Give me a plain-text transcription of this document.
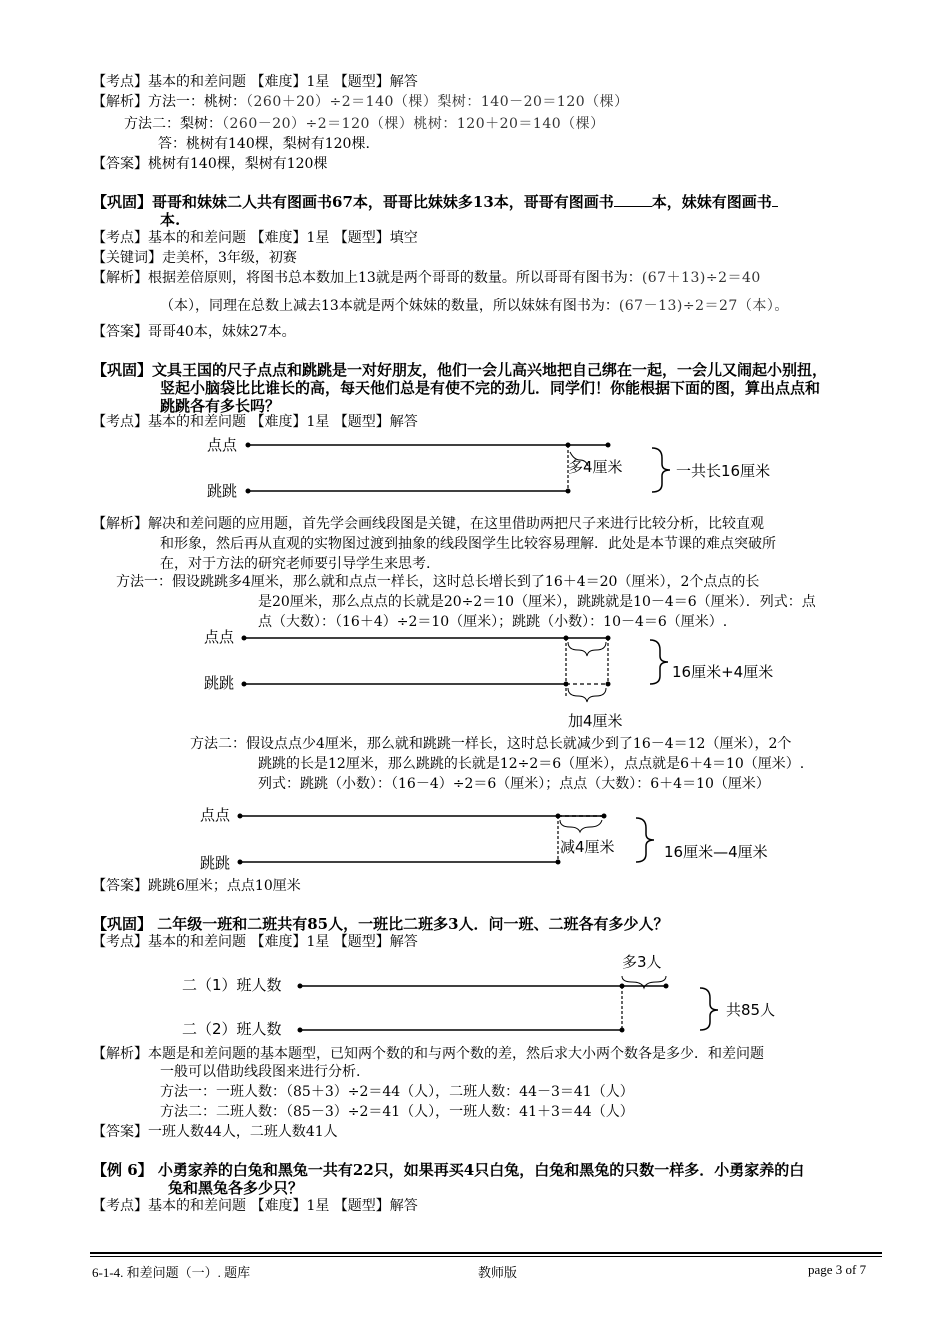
【考点】基本的和差问题 【难度】1星 【题型】解答
【解析】方法一：桃树：（260＋20）÷2＝140（棵）梨树：140－20＝120（棵）
方法二：梨树：（260－20）÷2＝120（棵）桃树：120＋20＝140（棵）
答：桃树有140棵，梨树有120棵.
【答案】桃树有140棵，梨树有120棵
【巩固】哥哥和妹妹二人共有图画书67本，哥哥比妹妹多13本，哥哥有图画书	本，妹妹有图画书
本.
【考点】基本的和差问题 【难度】1星 【题型】填空
【关键词】走美杯，3年级，初赛
【解析】根据差倍原则，将图书总本数加上13就是两个哥哥的数量。所以哥哥有图书为：(67＋13)÷2＝40
（本），同理在总数上减去13本就是两个妹妹的数量，所以妹妹有图书为：(67－13)÷2＝27（本）。
【答案】哥哥40本，妹妹27本。
【巩固】文具王国的尺子点点和跳跳是一对好朋友，他们一会儿高兴地把自己绑在一起，一会儿又闹起小别扭，
竖起小脑袋比比谁长的高，每天他们总是有使不完的劲儿．同学们！你能根据下面的图，算出点点和
跳跳各有多长吗？
【考点】基本的和差问题 【难度】1星 【题型】解答
点点
跳跳
多4厘米	一共长16厘米
【解析】解决和差问题的应用题，首先学会画线段图是关键，在这里借助两把尺子来进行比较分析，比较直观
和形象，然后再从直观的实物图过渡到抽象的线段图学生比较容易理解．此处是本节课的难点突破所
在，对于方法的研究老师要引导学生来思考.
方法一：假设跳跳多4厘米，那么就和点点一样长，这时总长增长到了16＋4＝20（厘米），2个点点的长
是20厘米，那么点点的长就是20÷2＝10（厘米），跳跳就是10－4＝6（厘米）．列式：点
点（大数）：（16＋4）÷2＝10（厘米）；跳跳（小数）：10－4＝6（厘米）.
点点
跳跳
加4厘米
16厘米+4厘米
方法二：假设点点少4厘米，那么就和跳跳一样长，这时总长就减少到了16－4＝12（厘米），2个
跳跳的长是12厘米，那么跳跳的长就是12÷2＝6（厘米），点点就是6＋4＝10（厘米）.
列式：跳跳（小数）：（16－4）÷2＝6（厘米）；点点（大数）：6＋4＝10（厘米）
点点
跳跳
减4厘米	16厘米—4厘米
【答案】跳跳6厘米；点点10厘米
【巩固】 二年级一班和二班共有85人，一班比二班多3人．问一班、二班各有多少人？
【考点】基本的和差问题 【难度】1星 【题型】解答
二（1）班人数
二（2）班人数
多3人
共85人
【解析】本题是和差问题的基本题型，已知两个数的和与两个数的差，然后求大小两个数各是多少．和差问题
一般可以借助线段图来进行分析.
方法一：一班人数：（85＋3）÷2＝44（人），二班人数：44－3＝41（人）
方法二：二班人数：（85－3）÷2＝41（人），一班人数：41＋3＝44（人）
【答案】一班人数44人，二班人数41人
【例 6】 小勇家养的白兔和黑兔一共有22只，如果再买4只白兔，白兔和黑兔的只数一样多．小勇家养的白
兔和黑兔各多少只？
【考点】基本的和差问题 【难度】1星 【题型】解答
6-1-4. 和差问题（一）. 题库	教师版	page 3 of 7
